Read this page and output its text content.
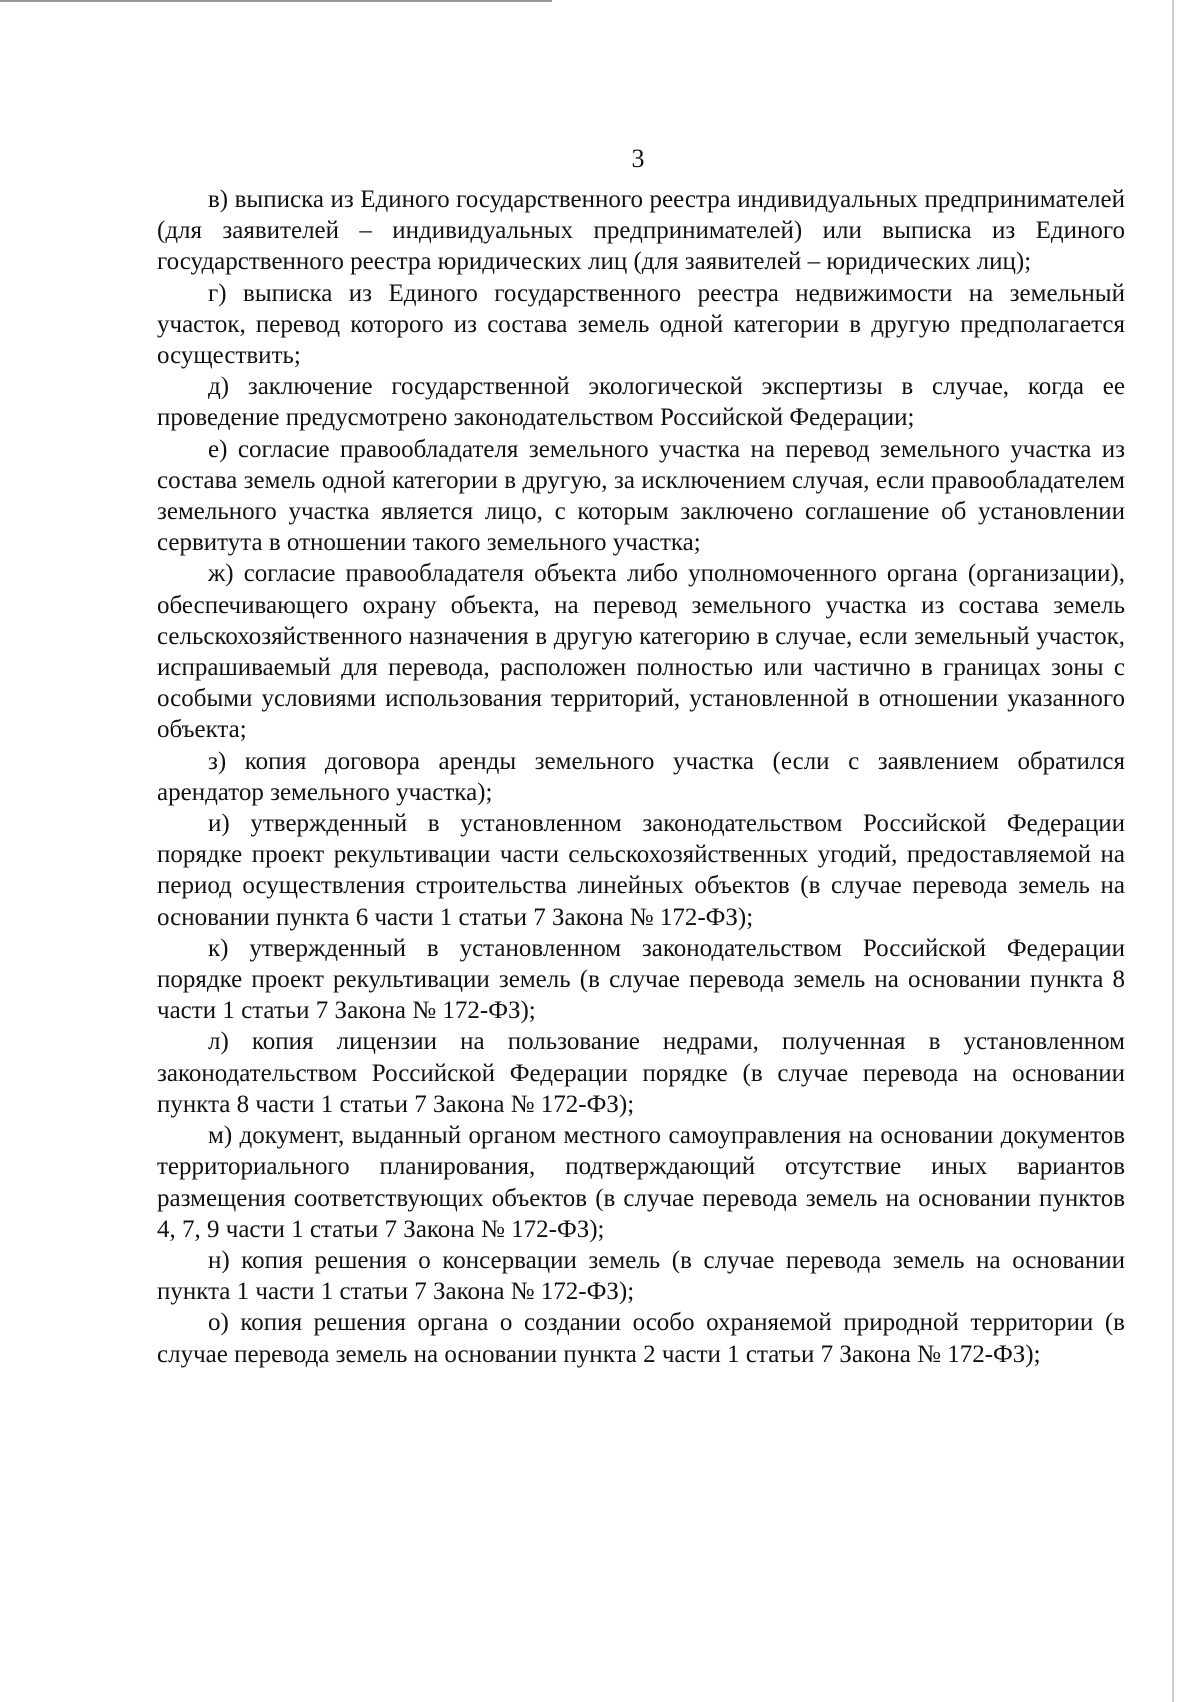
3

в) выписка из Единого государственного реестра индивидуальных предпринимателей (для заявителей – индивидуальных предпринимателей) или выписка из Единого государственного реестра юридических лиц (для заявителей – юридических лиц);

г) выписка из Единого государственного реестра недвижимости на земельный участок, перевод которого из состава земель одной категории в другую предполагается осуществить;

д) заключение государственной экологической экспертизы в случае, когда ее проведение предусмотрено законодательством Российской Федерации;

е) согласие правообладателя земельного участка на перевод земельного участка из состава земель одной категории в другую, за исключением случая, если правообладателем земельного участка является лицо, с которым заключено соглашение об установлении сервитута в отношении такого земельного участка;

ж) согласие правообладателя объекта либо уполномоченного органа (организации), обеспечивающего охрану объекта, на перевод земельного участка из состава земель сельскохозяйственного назначения в другую категорию в случае, если земельный участок, испрашиваемый для перевода, расположен полностью или частично в границах зоны с особыми условиями использования территорий, установленной в отношении указанного объекта;

з) копия договора аренды земельного участка (если с заявлением обратился арендатор земельного участка);

и) утвержденный в установленном законодательством Российской Федерации порядке проект рекультивации части сельскохозяйственных угодий, предоставляемой на период осуществления строительства линейных объектов (в случае перевода земель на основании пункта 6 части 1 статьи 7 Закона № 172-ФЗ);

к) утвержденный в установленном законодательством Российской Федерации порядке проект рекультивации земель (в случае перевода земель на основании пункта 8 части 1 статьи 7 Закона № 172-ФЗ);

л) копия лицензии на пользование недрами, полученная в установленном законодательством Российской Федерации порядке (в случае перевода на основании пункта 8 части 1 статьи 7 Закона № 172-ФЗ);

м) документ, выданный органом местного самоуправления на основании документов территориального планирования, подтверждающий отсутствие иных вариантов размещения соответствующих объектов (в случае перевода земель на основании пунктов 4, 7, 9 части 1 статьи 7 Закона № 172-ФЗ);

н) копия решения о консервации земель (в случае перевода земель на основании пункта 1 части 1 статьи 7 Закона № 172-ФЗ);

о) копия решения органа о создании особо охраняемой природной территории (в случае перевода земель на основании пункта 2 части 1 статьи 7 Закона № 172-ФЗ);
